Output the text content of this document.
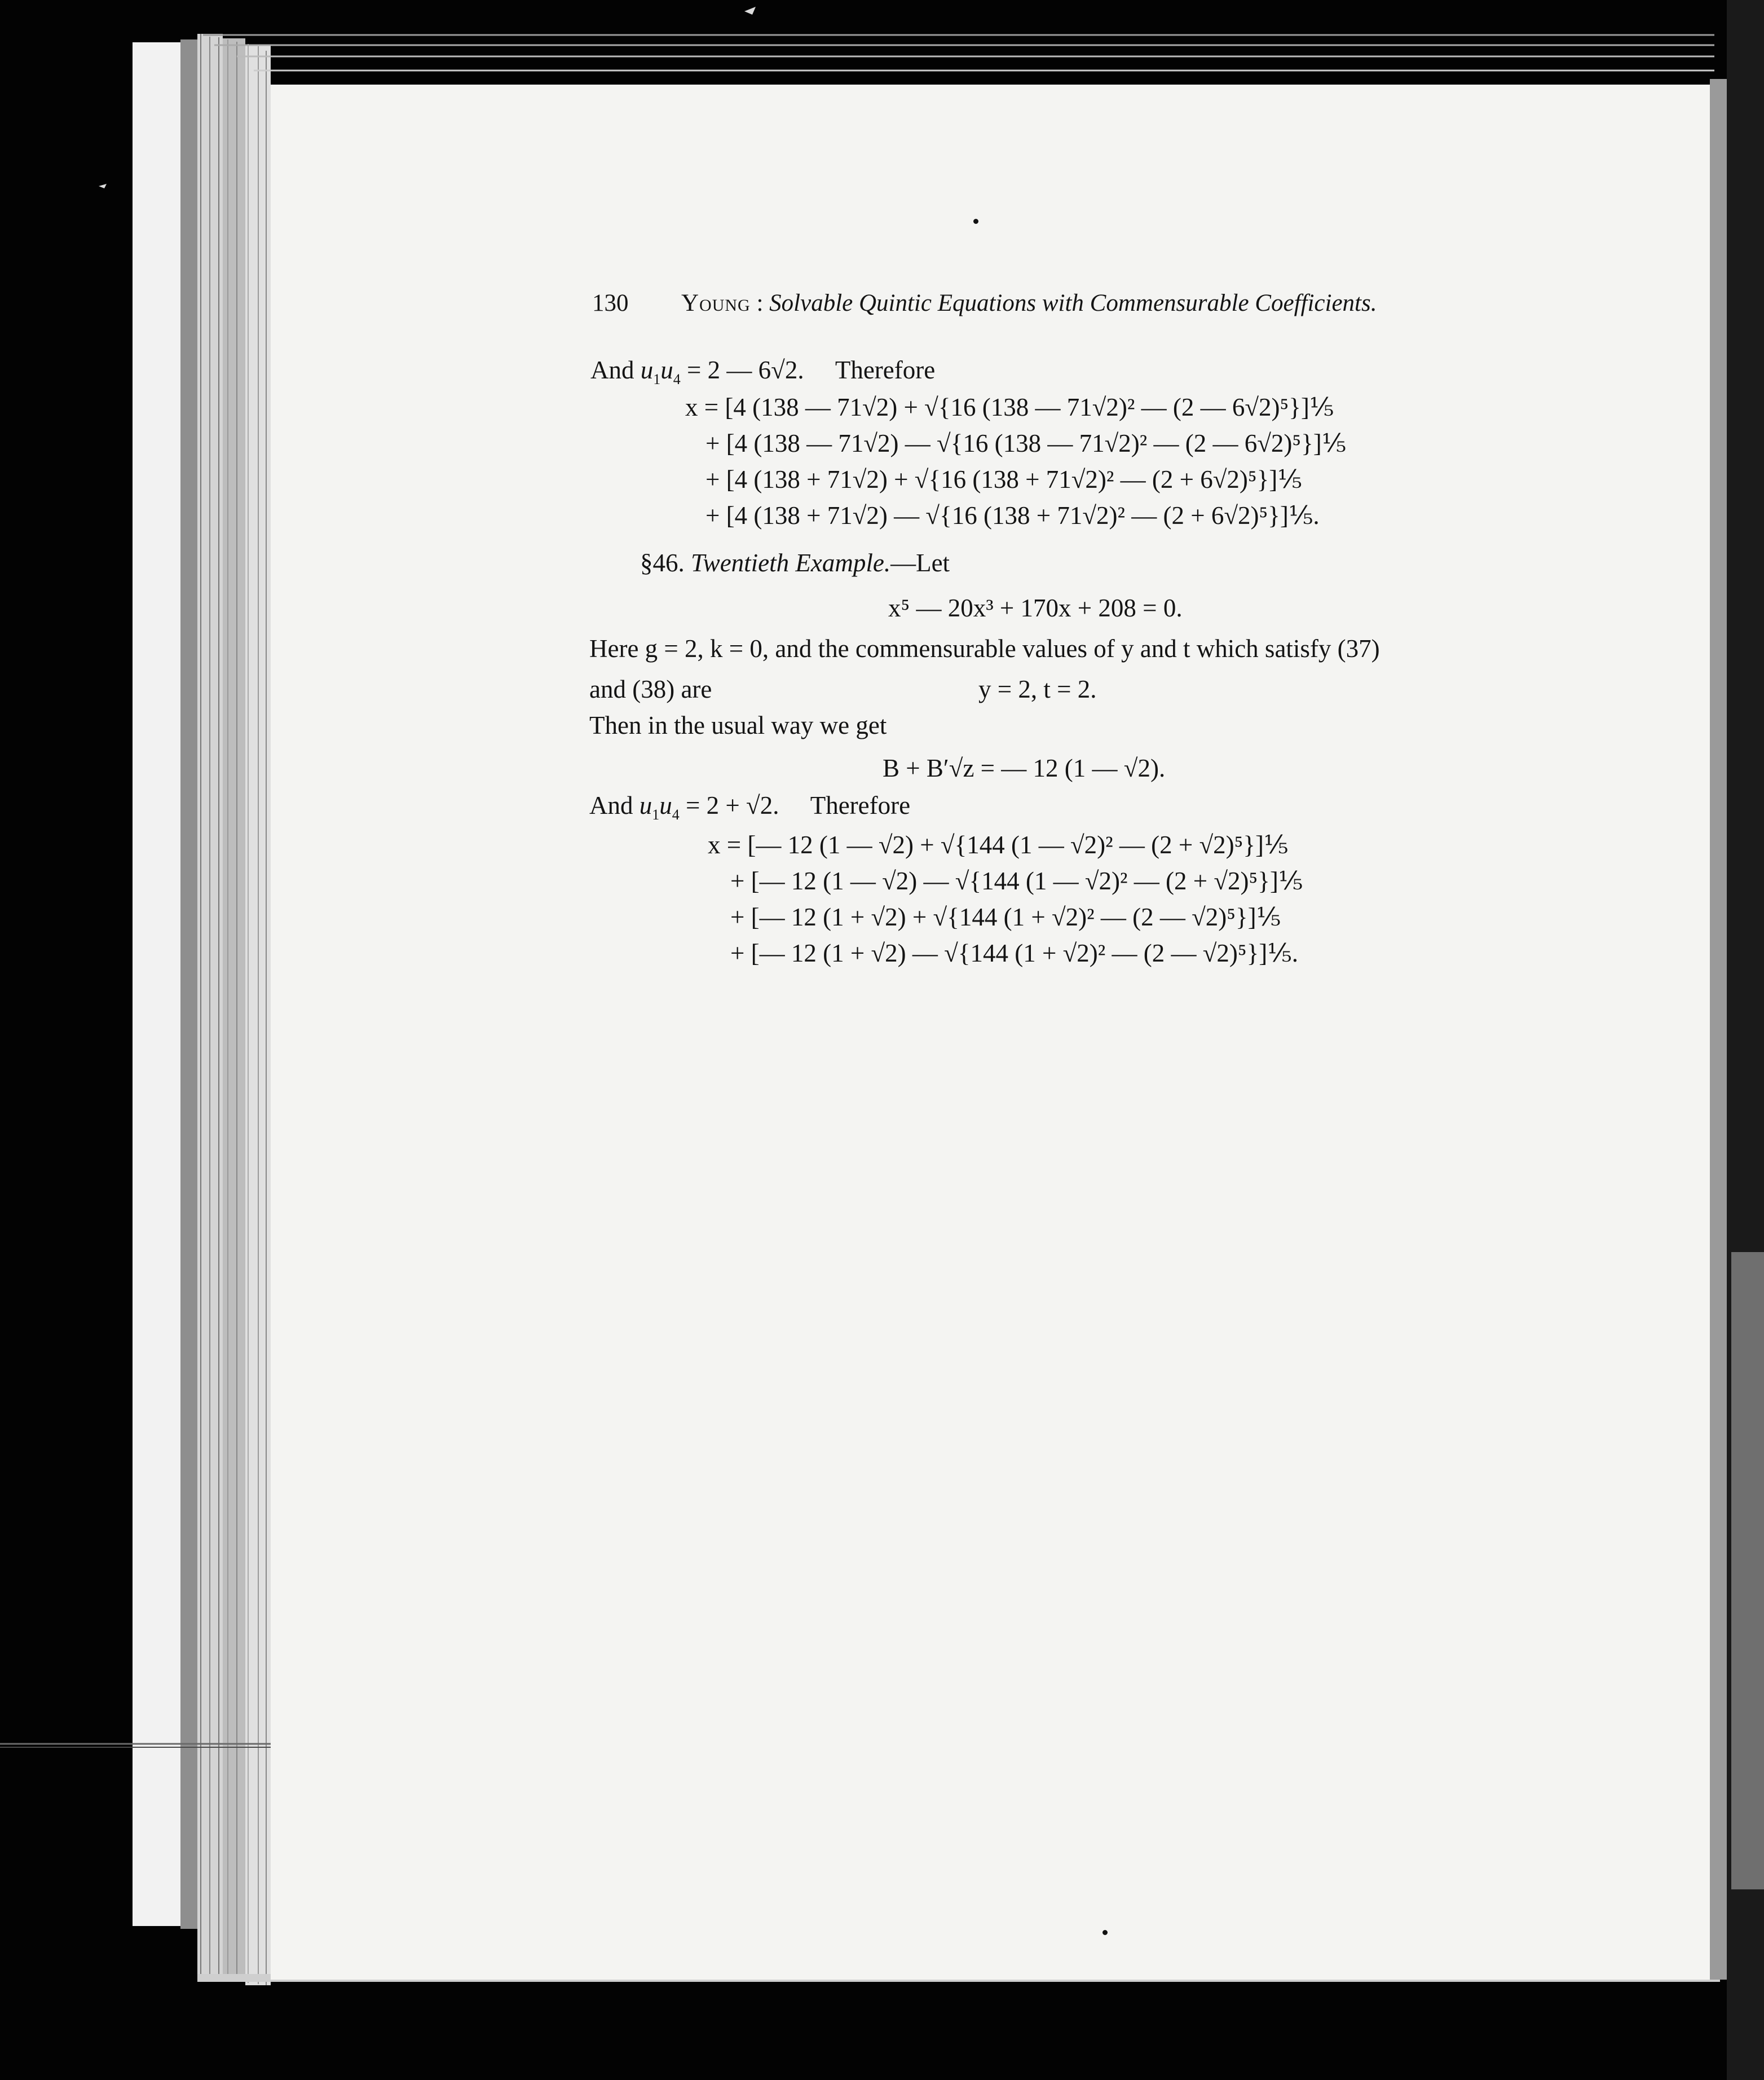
130 Young : Solvable Quintic Equations with Commensurable Coefficients.
And $u_1u_4 = 2$ — 6√2. Therefore
x = [4 (138 — 71√2) + √{16 (138 — 71√2)² — (2 — 6√2)⁵}]⅕
+ [4 (138 — 71√2) — √{16 (138 — 71√2)² — (2 — 6√2)⁵}]⅕
+ [4 (138 + 71√2) + √{16 (138 + 71√2)² — (2 + 6√2)⁵}]⅕
+ [4 (138 + 71√2) — √{16 (138 + 71√2)² — (2 + 6√2)⁵}]⅕.
§46. Twentieth Example.—Let
x⁵ — 20x³ + 170x + 208 = 0.
Here g = 2, k = 0, and the commensurable values of y and t which satisfy (37)
and (38) are	y = 2, t = 2.
Then in the usual way we get
B + B′√z = — 12 (1 — √2).
And $u_1u_4 = 2 + √2$. Therefore
x = [— 12 (1 — √2) + √{144 (1 — √2)² — (2 + √2)⁵}]⅕
+ [— 12 (1 — √2) — √{144 (1 — √2)² — (2 + √2)⁵}]⅕
+ [— 12 (1 + √2) + √{144 (1 + √2)² — (2 — √2)⁵}]⅕
+ [— 12 (1 + √2) — √{144 (1 + √2)² — (2 — √2)⁵}]⅕.
